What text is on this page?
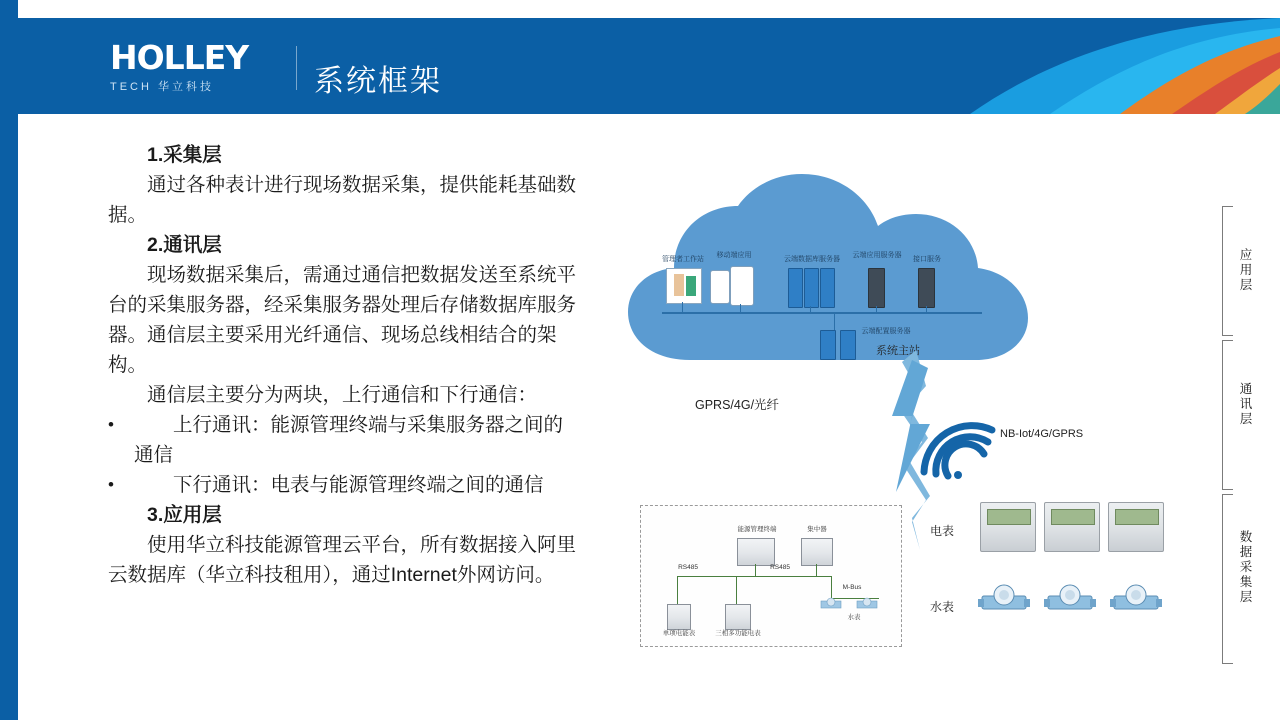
HOLLEY
TECH 华立科技	系统框架

1.采集层

通过各种表计进行现场数据采集，提供能耗基础数据。

2.通讯层

现场数据采集后，需通过通信把数据发送至系统平台的采集服务器，经采集服务器处理后存储数据库服务器。通信层主要采用光纤通信、现场总线相结合的架构。

通信层主要分为两块，上行通信和下行通信：

•	上行通讯：能源管理终端与采集服务器之间的通信
•	下行通讯：电表与能源管理终端之间的通信

3.应用层

使用华立科技能源管理云平台，所有数据接入阿里云数据库（华立科技租用），通过Internet外网访问。

管理者工作站
移动端应用
云端数据库服务器
云端应用服务器
接口服务
云端配置服务器
系统主站
GPRS/4G/光纤
NB-Iot/4G/GPRS
能源管理终端	集中器
RS485	RS485
M-Bus
单项电能表	三相多功能电表
水表
电表
水表
应用层
通讯层
数据采集层
